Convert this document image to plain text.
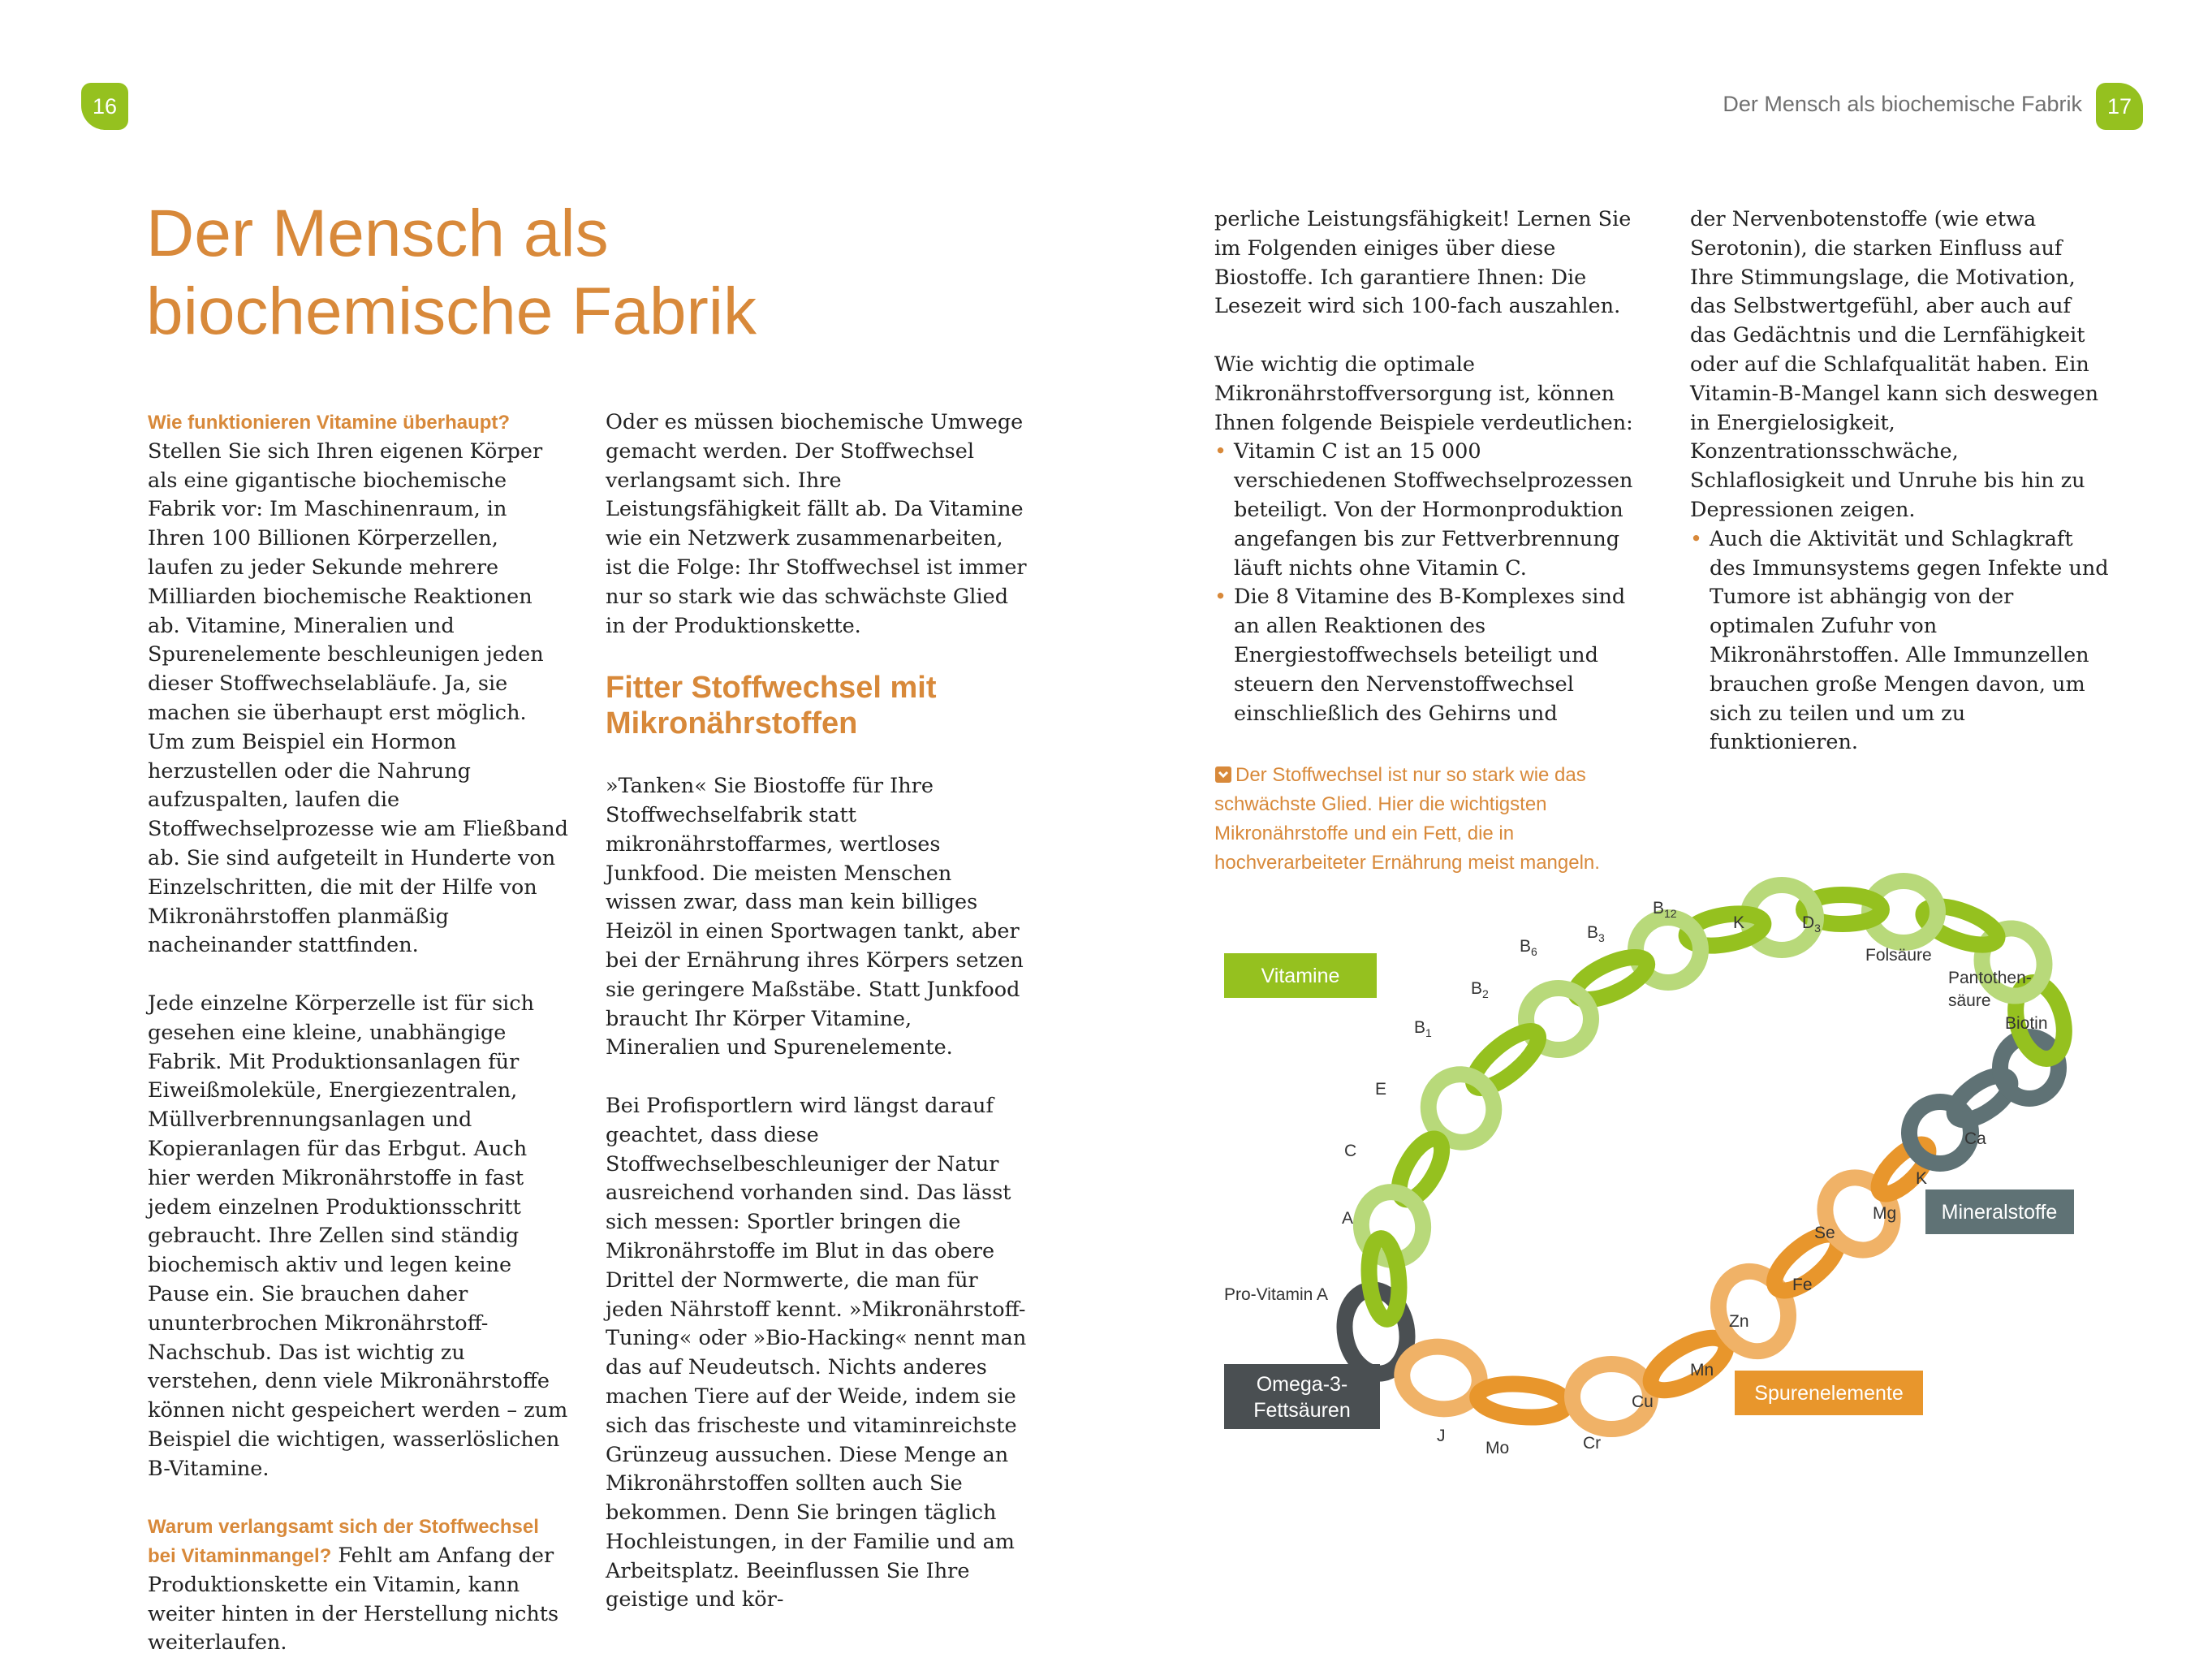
16	17
Der Mensch als biochemische Fabrik
Der Mensch als
biochemische Fabrik

Wie funktionieren Vitamine überhaupt? Stellen Sie sich Ihren eigenen Körper als eine gigantische biochemische Fabrik vor: Im Maschinenraum, in Ihren 100 Billionen Körperzellen, laufen zu jeder Sekunde mehrere Milliarden biochemische Reaktionen ab. Vitamine, Mineralien und Spurenelemente beschleunigen jeden dieser Stoffwechselabläufe. Ja, sie machen sie überhaupt erst möglich. Um zum Beispiel ein Hormon herzustellen oder die Nahrung aufzuspalten, laufen die Stoffwechselprozesse wie am Fließband ab. Sie sind aufgeteilt in Hunderte von Einzelschritten, die mit der Hilfe von Mikronährstoffen planmäßig nacheinander stattfinden.

Jede einzelne Körperzelle ist für sich gesehen eine kleine, unabhängige Fabrik. Mit Produktionsanlagen für Eiweißmoleküle, Energiezentralen, Müllverbrennungsanlagen und Kopieranlagen für das Erbgut. Auch hier werden Mikronährstoffe in fast jedem einzelnen Produktionsschritt gebraucht. Ihre Zellen sind ständig biochemisch aktiv und legen keine Pause ein. Sie brauchen daher ununterbrochen Mikronährstoff-Nachschub. Das ist wichtig zu verstehen, denn viele Mikronährstoffe können nicht gespeichert werden – zum Beispiel die wichtigen, wasserlöslichen B-Vitamine.

Warum verlangsamt sich der Stoffwechsel bei Vitaminmangel? Fehlt am Anfang der Produktionskette ein Vitamin, kann weiter hinten in der Herstellung nichts weiterlaufen.

Oder es müssen biochemische Umwege gemacht werden. Der Stoffwechsel verlangsamt sich. Ihre Leistungsfähigkeit fällt ab. Da Vitamine wie ein Netzwerk zusammenarbeiten, ist die Folge: Ihr Stoffwechsel ist immer nur so stark wie das schwächste Glied in der Produktionskette.

Fitter Stoffwechsel mit Mikronährstoffen

»Tanken« Sie Biostoffe für Ihre Stoffwechselfabrik statt mikronährstoffarmes, wertloses Junkfood. Die meisten Menschen wissen zwar, dass man kein billiges Heizöl in einen Sportwagen tankt, aber bei der Ernährung ihres Körpers setzen sie geringere Maßstäbe. Statt Junkfood braucht Ihr Körper Vitamine, Mineralien und Spurenelemente.

Bei Profisportlern wird längst darauf geachtet, dass diese Stoffwechselbeschleuniger der Natur ausreichend vorhanden sind. Das lässt sich messen: Sportler bringen die Mikronährstoffe im Blut in das obere Drittel der Normwerte, die man für jeden Nährstoff kennt. »Mikronährstoff-Tuning« oder »Bio-Hacking« nennt man das auf Neudeutsch. Nichts anderes machen Tiere auf der Weide, indem sie sich das frischeste und vitaminreichste Grünzeug aussuchen. Diese Menge an Mikronährstoffen sollten auch Sie bekommen. Denn Sie bringen täglich Hochleistungen, in der Familie und am Arbeitsplatz. Beeinflussen Sie Ihre geistige und kör-

perliche Leistungsfähigkeit! Lernen Sie im Folgenden einiges über diese Biostoffe. Ich garantiere Ihnen: Die Lesezeit wird sich 100-fach auszahlen.

Wie wichtig die optimale Mikronährstoffversorgung ist, können Ihnen folgende Beispiele verdeutlichen:

• Vitamin C ist an 15 000 verschiedenen Stoffwechselprozessen beteiligt. Von der Hormonproduktion angefangen bis zur Fettverbrennung läuft nichts ohne Vitamin C.
• Die 8 Vitamine des B-Komplexes sind an allen Reaktionen des Energiestoffwechsels beteiligt und steuern den Nervenstoffwechsel einschließlich des Gehirns und

der Nervenbotenstoffe (wie etwa Serotonin), die starken Einfluss auf Ihre Stimmungslage, die Motivation, das Selbstwertgefühl, aber auch auf das Gedächtnis und die Lernfähigkeit oder auf die Schlafqualität haben. Ein Vitamin-B-Mangel kann sich deswegen in Energielosigkeit, Konzentrationsschwäche, Schlaflosigkeit und Unruhe bis hin zu Depressionen zeigen.

• Auch die Aktivität und Schlagkraft des Immunsystems gegen Infekte und Tumore ist abhängig von der optimalen Zufuhr von Mikronährstoffen. Alle Immunzellen brauchen große Mengen davon, um sich zu teilen und um zu funktionieren.
Der Stoffwechsel ist nur so stark wie das schwächste Glied. Hier die wichtigsten Mikronährstoffe und ein Fett, die in hochverarbeiteter Ernährung meist mangeln.
Vitamine
Mineralstoffe
Spurenelemente
Omega-3-
Fettsäuren
Pro-Vitamin A
A
C
E
$B_1$
$B_2$
$B_6$
$B_3$
$B_{12}$	K	$D_3$
Folsäure
Pantothen-
säure
Biotin
Ca
K
Mg
Se
Fe
Zn
Mn
Cu
Cr
Mo
J
